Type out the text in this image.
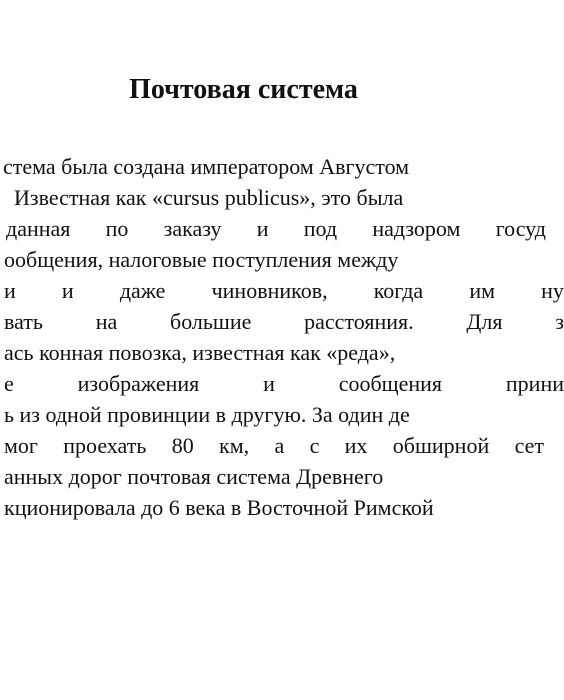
Почтовая система
стема была создана императором Августом
Известная как «cursus publicus», это была
данная по заказу и под надзором госуд
ообщения, налоговые поступления между
и и даже чиновников, когда им ну
вать на большие расстояния. Для з
ась конная повозка, известная как «реда»,
е	изображения	и	сообщения	прини
ь из одной провинции в другую. За один де
мог проехать 80 км, а с их обширной сет
анных дорог почтовая система Древнего
кционировала до 6 века в Восточной Римской
